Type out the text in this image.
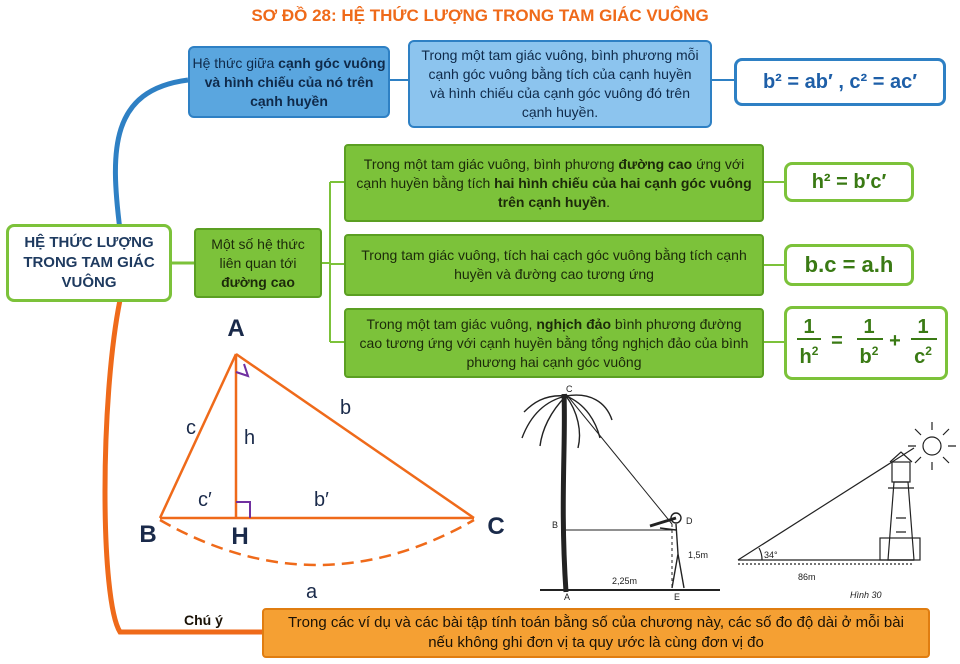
SƠ ĐỒ 28: HỆ THỨC LƯỢNG TRONG TAM GIÁC VUÔNG
HỆ THỨC LƯỢNG TRONG TAM GIÁC VUÔNG
Hệ thức giữa cạnh góc vuông và hình chiếu của nó trên cạnh huyền
Trong một tam giác vuông, bình phương mỗi cạnh góc vuông bằng tích của cạnh huyền và hình chiếu của cạnh góc vuông đó trên cạnh huyền.
b² = ab′ , c² = ac′
Một số hệ thức liên quan tới đường cao
Trong một tam giác vuông, bình phương đường cao ứng với cạnh huyền bằng tích hai hình chiếu của hai cạnh góc vuông trên cạnh huyền.
h² = b′c′
Trong tam giác vuông, tích hai cạch góc vuông bằng tích cạnh huyền và đường cao tương ứng	b.c = a.h
Trong một tam giác vuông, nghịch đảo bình phương đường cao tương ứng với cạnh huyền bằng tổng nghịch đảo của bình phương hai cạnh góc vuông
1
$h^2$ =
1
$b^2$ +
1
$c^2$
A
B	C
H
c
b
h
c′	b′
a
C
B	D
A	E
1,5m
2,25m
34°
86m
Hình 30
Chú ý	Trong các ví dụ và các bài tập tính toán bằng số của chương này, các số đo độ dài ở mỗi bài nếu không ghi đơn vị ta quy ước là cùng đơn vị đo
